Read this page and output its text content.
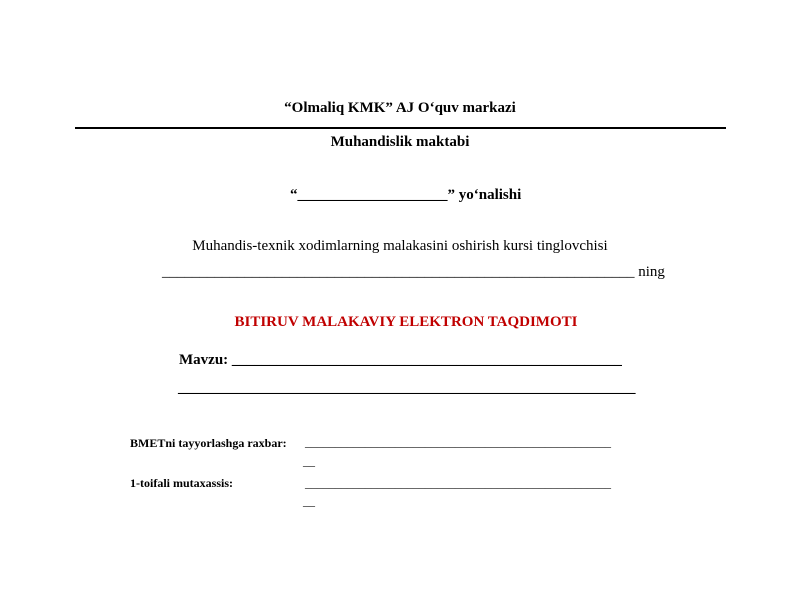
“Olmaliq KMK” AJ O‘quv markazi
Muhandislik maktabi
“____________________” yo‘nalishi
Muhandis-texnik xodimlarning malakasini oshirish kursi tinglovchisi
_______________________________________________________________ ning
BITIRUV MALAKAVIY ELEKTRON TAQDIMOTI
Mavzu: ____________________________________________________
_____________________________________________________________
BMETni tayyorlashga raxbar: ___________________________________________________
__
1-toifali mutaxassis:	___________________________________________________
__
